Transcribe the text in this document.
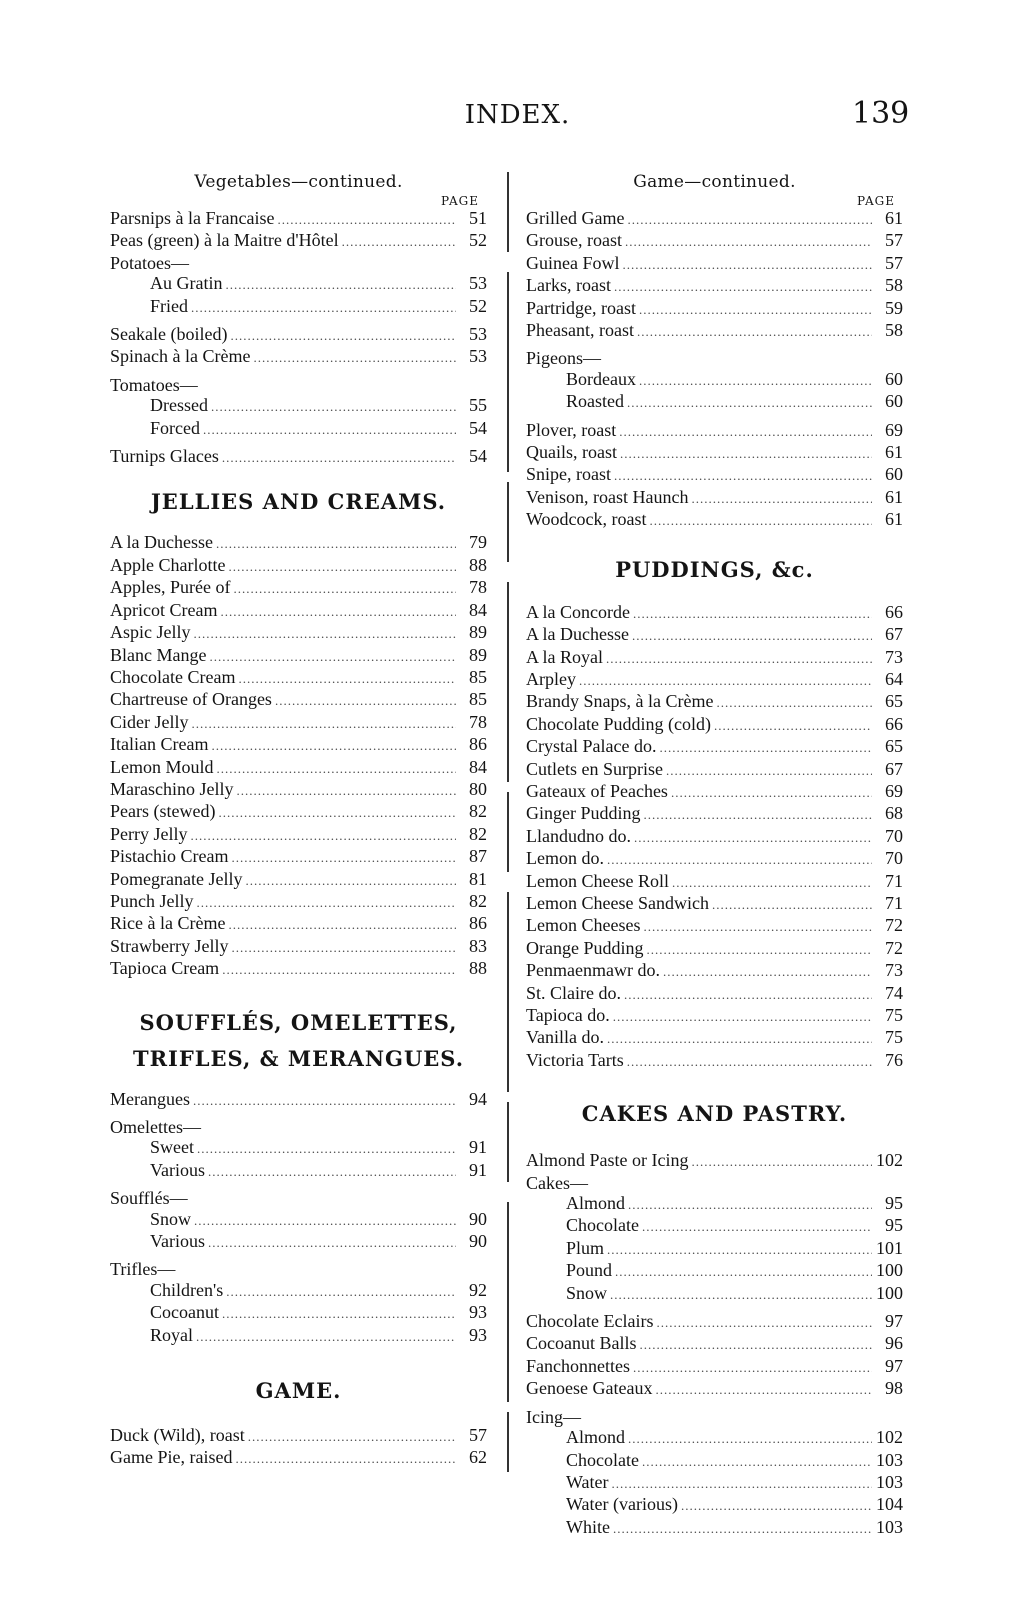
INDEX.	139
Vegetables—continued.
PAGE
Parsnips à la Francaise .....	51
Peas (green) à la Maitre d'Hôtel .....	52
Potatoes—
Au Gratin .....	53
Fried .....	52
Seakale (boiled) .....	53
Spinach à la Crème .....	53
Tomatoes—
Dressed .....	55
Forced .....	54
Turnips Glaces .....	54
JELLIES AND CREAMS.
A la Duchesse .....	79
Apple Charlotte .....	88
Apples, Purée of .....	78
Apricot Cream .....	84
Aspic Jelly .....	89
Blanc Mange .....	89
Chocolate Cream .....	85
Chartreuse of Oranges .....	85
Cider Jelly .....	78
Italian Cream .....	86
Lemon Mould .....	84
Maraschino Jelly .....	80
Pears (stewed) .....	82
Perry Jelly .....	82
Pistachio Cream .....	87
Pomegranate Jelly .....	81
Punch Jelly .....	82
Rice à la Crème .....	86
Strawberry Jelly .....	83
Tapioca Cream .....	88
SOUFFLÉS, OMELETTES,
TRIFLES, & MERANGUES.
Merangues .....	94
Omelettes—
Sweet .....	91
Various .....	91
Soufflés—
Snow .....	90
Various .....	90
Trifles—
Children's .....	92
Cocoanut .....	93
Royal .....	93
GAME.
Duck (Wild), roast .....	57
Game Pie, raised .....	62
Game—continued.
PAGE
Grilled Game .....	61
Grouse, roast .....	57
Guinea Fowl .....	57
Larks, roast .....	58
Partridge, roast .....	59
Pheasant, roast .....	58
Pigeons—
Bordeaux .....	60
Roasted .....	60
Plover, roast .....	69
Quails, roast .....	61
Snipe, roast .....	60
Venison, roast Haunch .....	61
Woodcock, roast .....	61
PUDDINGS, &c.
A la Concorde .....	66
A la Duchesse .....	67
A la Royal .....	73
Arpley .....	64
Brandy Snaps, à la Crème .....	65
Chocolate Pudding (cold) .....	66
Crystal Palace do. .....	65
Cutlets en Surprise .....	67
Gateaux of Peaches .....	69
Ginger Pudding .....	68
Llandudno do. .....	70
Lemon do. .....	70
Lemon Cheese Roll .....	71
Lemon Cheese Sandwich .....	71
Lemon Cheeses .....	72
Orange Pudding .....	72
Penmaenmawr do. .....	73
St. Claire do. .....	74
Tapioca do. .....	75
Vanilla do. .....	75
Victoria Tarts .....	76
CAKES AND PASTRY.
Almond Paste or Icing .....	102
Cakes—
Almond .....	95
Chocolate .....	95
Plum .....	101
Pound .....	100
Snow .....	100
Chocolate Eclairs .....	97
Cocoanut Balls .....	96
Fanchonnettes .....	97
Genoese Gateaux .....	98
Icing—
Almond .....	102
Chocolate .....	103
Water .....	103
Water (various) .....	104
White .....	103
